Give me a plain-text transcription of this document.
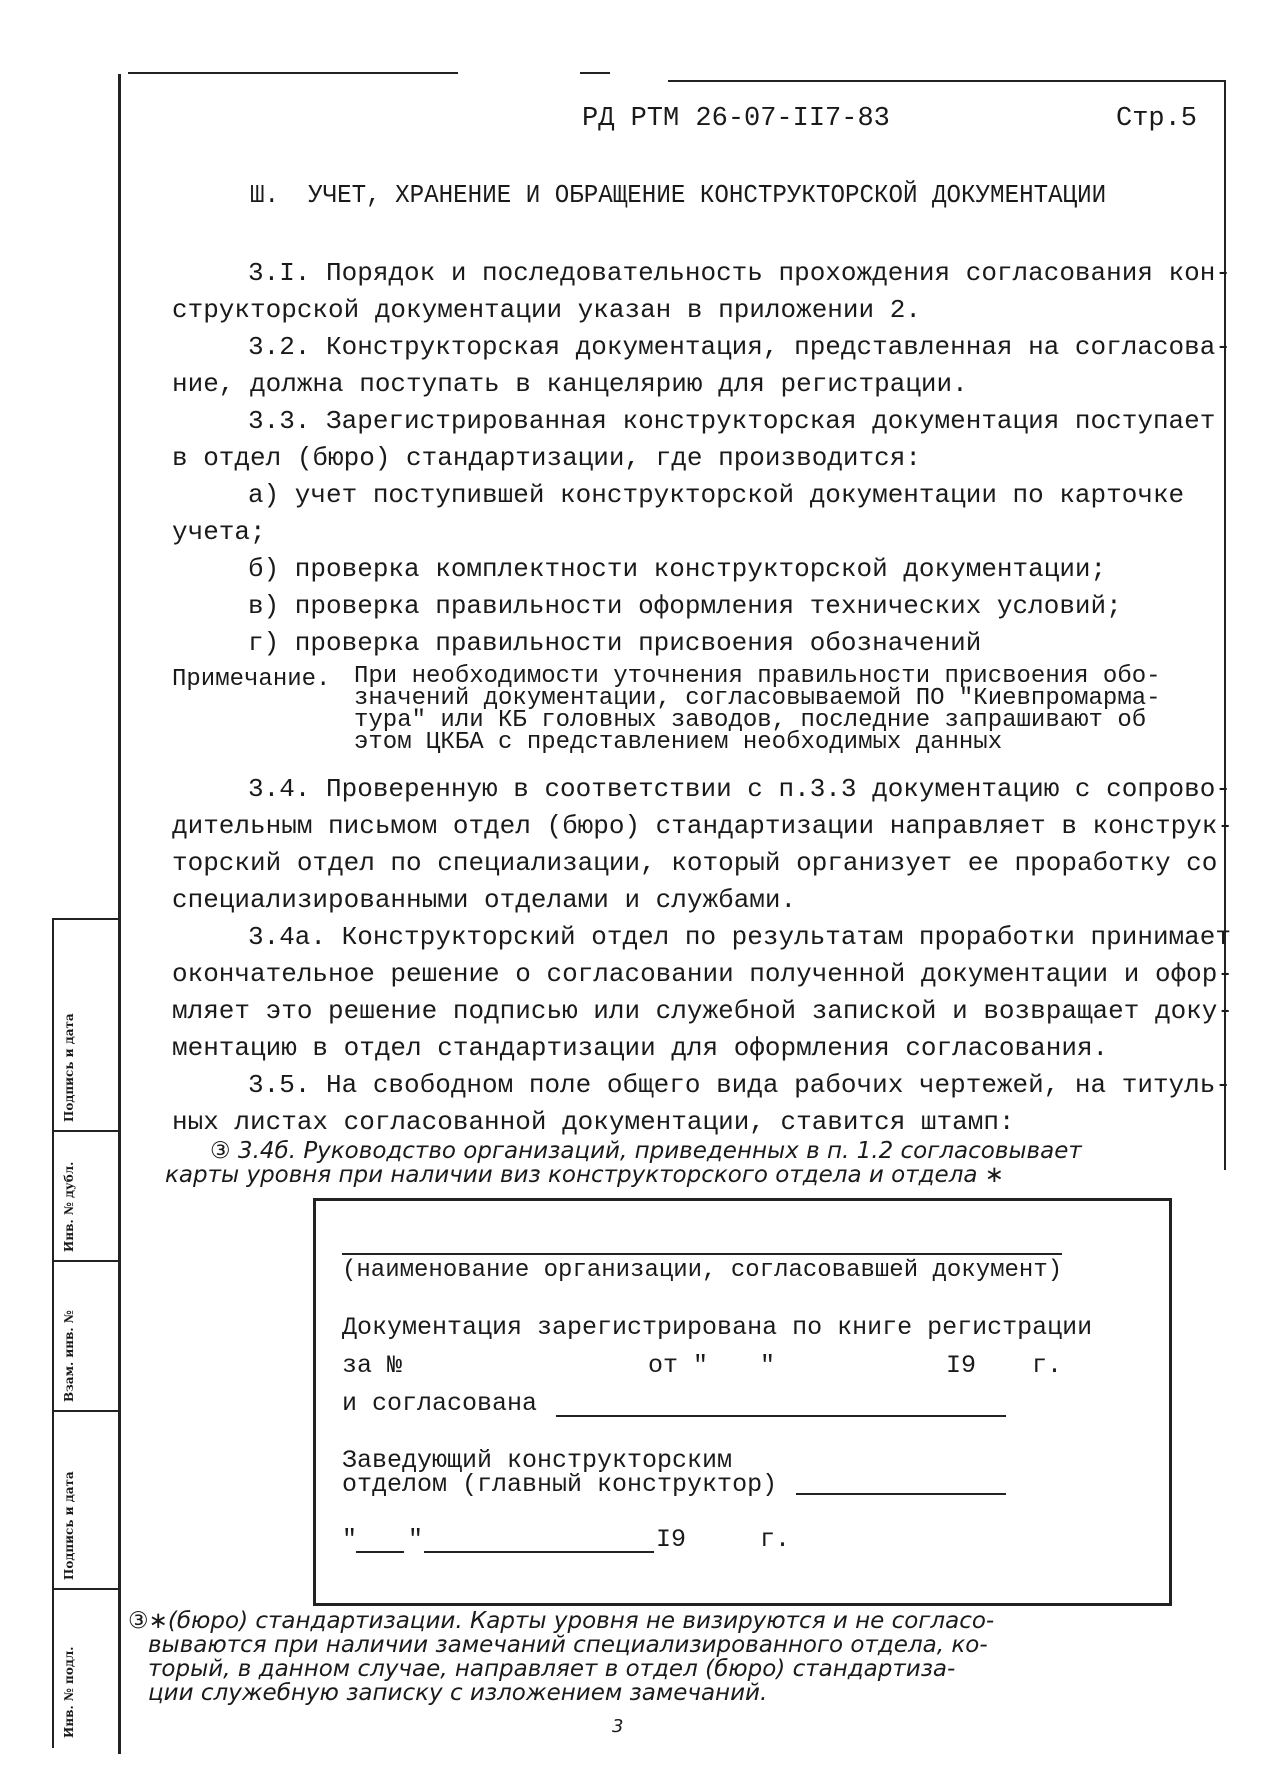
Подпись и дата
Инв. № дубл.
Взам. инв. №
Подпись и дата
Инв. № подл.
РД РТМ 26-07-II7-83	Стр.5
Ш. УЧЕТ, ХРАНЕНИЕ И ОБРАЩЕНИЕ КОНСТРУКТОРСКОЙ ДОКУМЕНТАЦИИ
3.I. Порядок и последовательность прохождения согласования кон-
структорской документации указан в приложении 2.
3.2. Конструкторская документация, представленная на согласова-
ние, должна поступать в канцелярию для регистрации.
3.3. Зарегистрированная конструкторская документация поступает
в отдел (бюро) стандартизации, где производится:
а) учет поступившей конструкторской документации по карточке
учета;
б) проверка комплектности конструкторской документации;
в) проверка правильности оформления технических условий;
г) проверка правильности присвоения обозначений
Примечание. При необходимости уточнения правильности присвоения обо-
значений документации, согласовываемой ПО "Киевпромарма-
тура" или КБ головных заводов, последние запрашивают об
этом ЦКБА с представлением необходимых данных
3.4. Проверенную в соответствии с п.3.3 документацию с сопрово-
дительным письмом отдел (бюро) стандартизации направляет в конструк-
торский отдел по специализации, который организует ее проработку со
специализированными отделами и службами.
3.4а. Конструкторский отдел по результатам проработки принимает
окончательное решение о согласовании полученной документации и офор-
мляет это решение подписью или служебной запиской и возвращает доку-
ментацию в отдел стандартизации для оформления согласования.
3.5. На свободном поле общего вида рабочих чертежей, на титуль-
ных листах согласованной документации, ставится штамп:
③ 3.4б. Руководство организаций, приведенных в п. 1.2 согласовывает
карты уровня при наличии виз конструкторского отдела и отдела ∗
(наименование организации, согласовавшей документ)
Документация зарегистрирована по книге регистрации
за №	от " "	I9 г.
и согласована
Заведующий конструкторским
отделом (главный конструктор)
" "	I9	г.
③∗(бюро) стандартизации. Карты уровня не визируются и не согласо-
вываются при наличии замечаний специализированного отдела, ко-
торый, в данном случае, направляет в отдел (бюро) стандартиза-
ции служебную записку с изложением замечаний.
3
